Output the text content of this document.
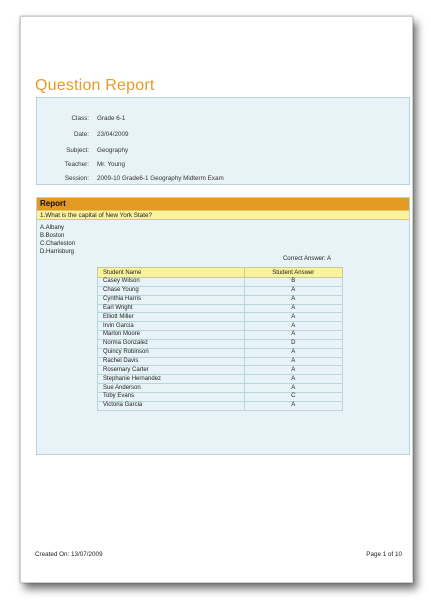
Question Report
Class: Grade 6-1
Date: 23/04/2009
Subject: Geography
Teacher: Mr. Young
Session: 2009-10 Grade6-1 Geography Midterm Exam
Report
1.What is the capital of New York State?
A.Albany
B.Boston
C.Charleston
D.Harrisburg
Correct Answer: A
Student Name	Student Answer
Casey Wilson	B
Chase Young	A
Cynthia Harris	A
Earl Wright	A
Elliott Miller	A
Irvin Garcia	A
Marlon Moore	A
Norma Gonzalez	D
Quincy Robinson	A
Rachel Davis	A
Rosemary Carter	A
Stephanie Hernandez	A
Sue Anderson	A
Toby Evans	C
Victoria Garcia	A
Created On: 13/07/2009	Page 1 of 10
